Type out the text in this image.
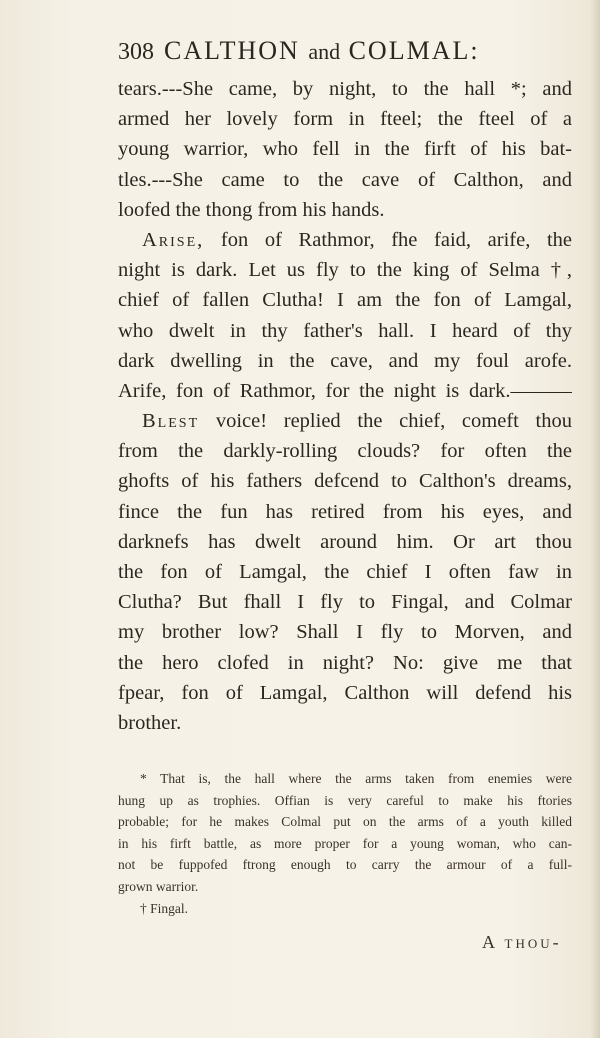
308 CALTHON and COLMAL:
tears.---She came, by night, to the hall *; and
armed her lovely form in fteel; the fteel of a
young warrior, who fell in the firft of his bat-
tles.---She came to the cave of Calthon, and
loofed the thong from his hands.
Arise, fon of Rathmor, fhe faid, arife, the
night is dark. Let us fly to the king of Selma †,
chief of fallen Clutha! I am the fon of Lamgal,
who dwelt in thy father's hall. I heard of thy
dark dwelling in the cave, and my foul arofe.
Arife, fon of Rathmor, for the night is dark.———
Blest voice! replied the chief, comeft thou
from the darkly-rolling clouds? for often the
ghofts of his fathers defcend to Calthon's dreams,
fince the fun has retired from his eyes, and
darknefs has dwelt around him. Or art thou
the fon of Lamgal, the chief I often faw in
Clutha? But fhall I fly to Fingal, and Colmar
my brother low? Shall I fly to Morven, and
the hero clofed in night? No: give me that
fpear, fon of Lamgal, Calthon will defend his
brother.
* That is, the hall where the arms taken from enemies were
hung up as trophies. Offian is very careful to make his ftories
probable; for he makes Colmal put on the arms of a youth killed
in his firft battle, as more proper for a young woman, who can-
not be fuppofed ftrong enough to carry the armour of a full-
grown warrior.
† Fingal.
A thou-
